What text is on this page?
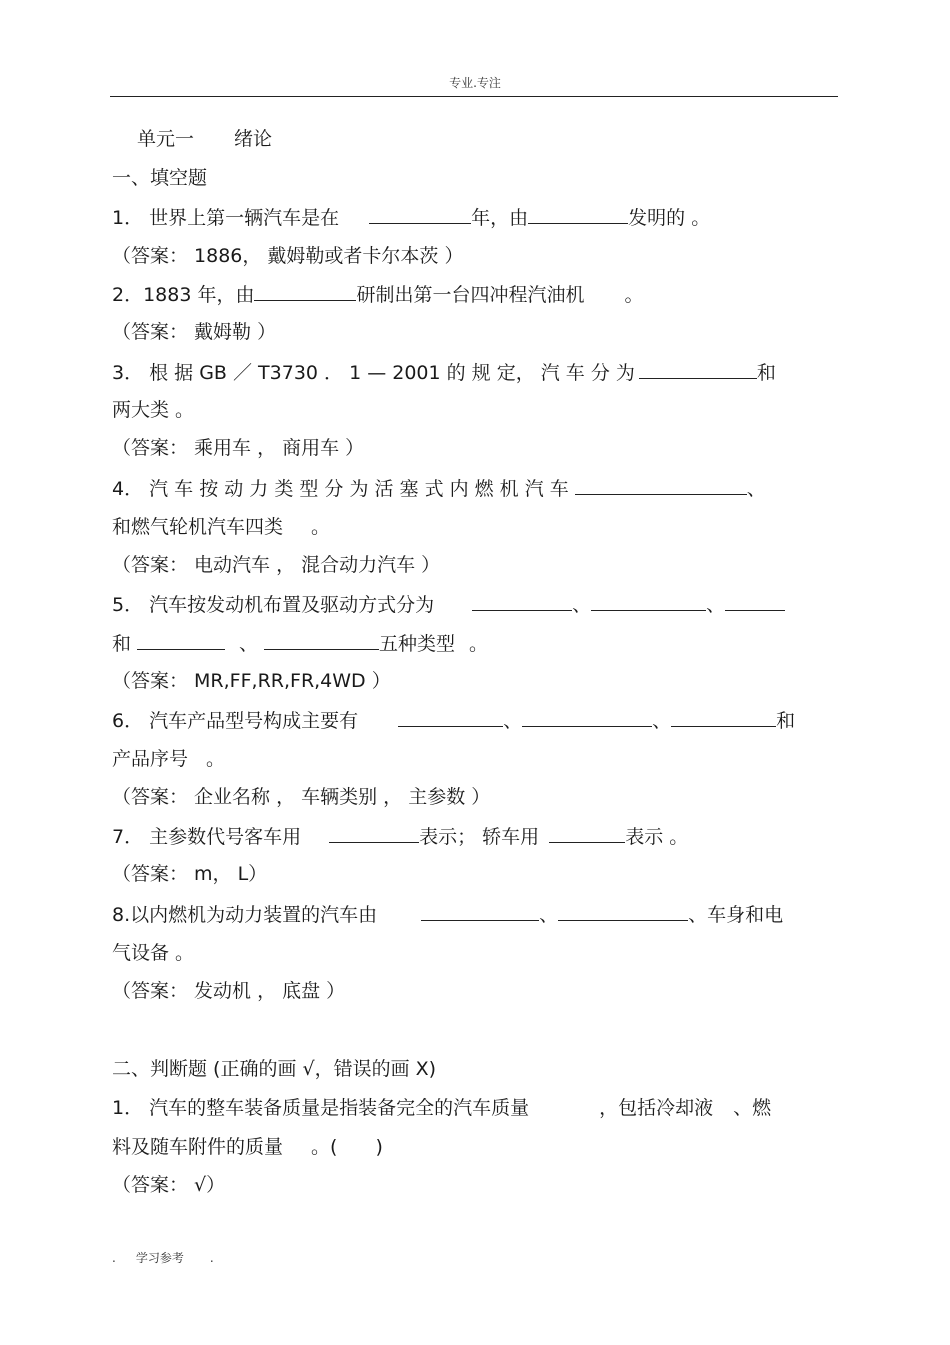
专业.专注
单元一 绪论
一、填空题
1． 世界上第一辆汽车是在	年，由	发明的 。
（答案： 1886， 戴姆勒或者卡尔本茨 ）
2．1883 年，由	研制出第一台四冲程汽油机 。
（答案： 戴姆勒 ）
3． 根 据 GB ／ T3730 ． 1 — 2001 的 规 定， 汽 车 分 为	和
两大类 。
（答案： 乘用车 ， 商用车 ）
4． 汽 车 按 动 力 类 型 分 为 活 塞 式 内 燃 机 汽 车	、
和燃气轮机汽车四类 。
（答案： 电动汽车 ， 混合动力汽车 ）
5． 汽车按发动机布置及驱动方式分为	、	、
和	、	五种类型 。
（答案： MR,FF,RR,FR,4WD ）
6． 汽车产品型号构成主要有	、	、	和
产品序号 。
（答案： 企业名称 ， 车辆类别 ， 主参数 ）
7． 主参数代号客车用	表示； 轿车用	表示 。
（答案： m， L）
8.以内燃机为动力装置的汽车由	、	、车身和电
气设备 。
（答案： 发动机 ， 底盘 ）
二、判断题 (正确的画 √，错误的画 X)
1． 汽车的整车装备质量是指装备完全的汽车质量	，包括冷却液 、燃
料及随车附件的质量 。( )
（答案： √）
. 学习参考 .
